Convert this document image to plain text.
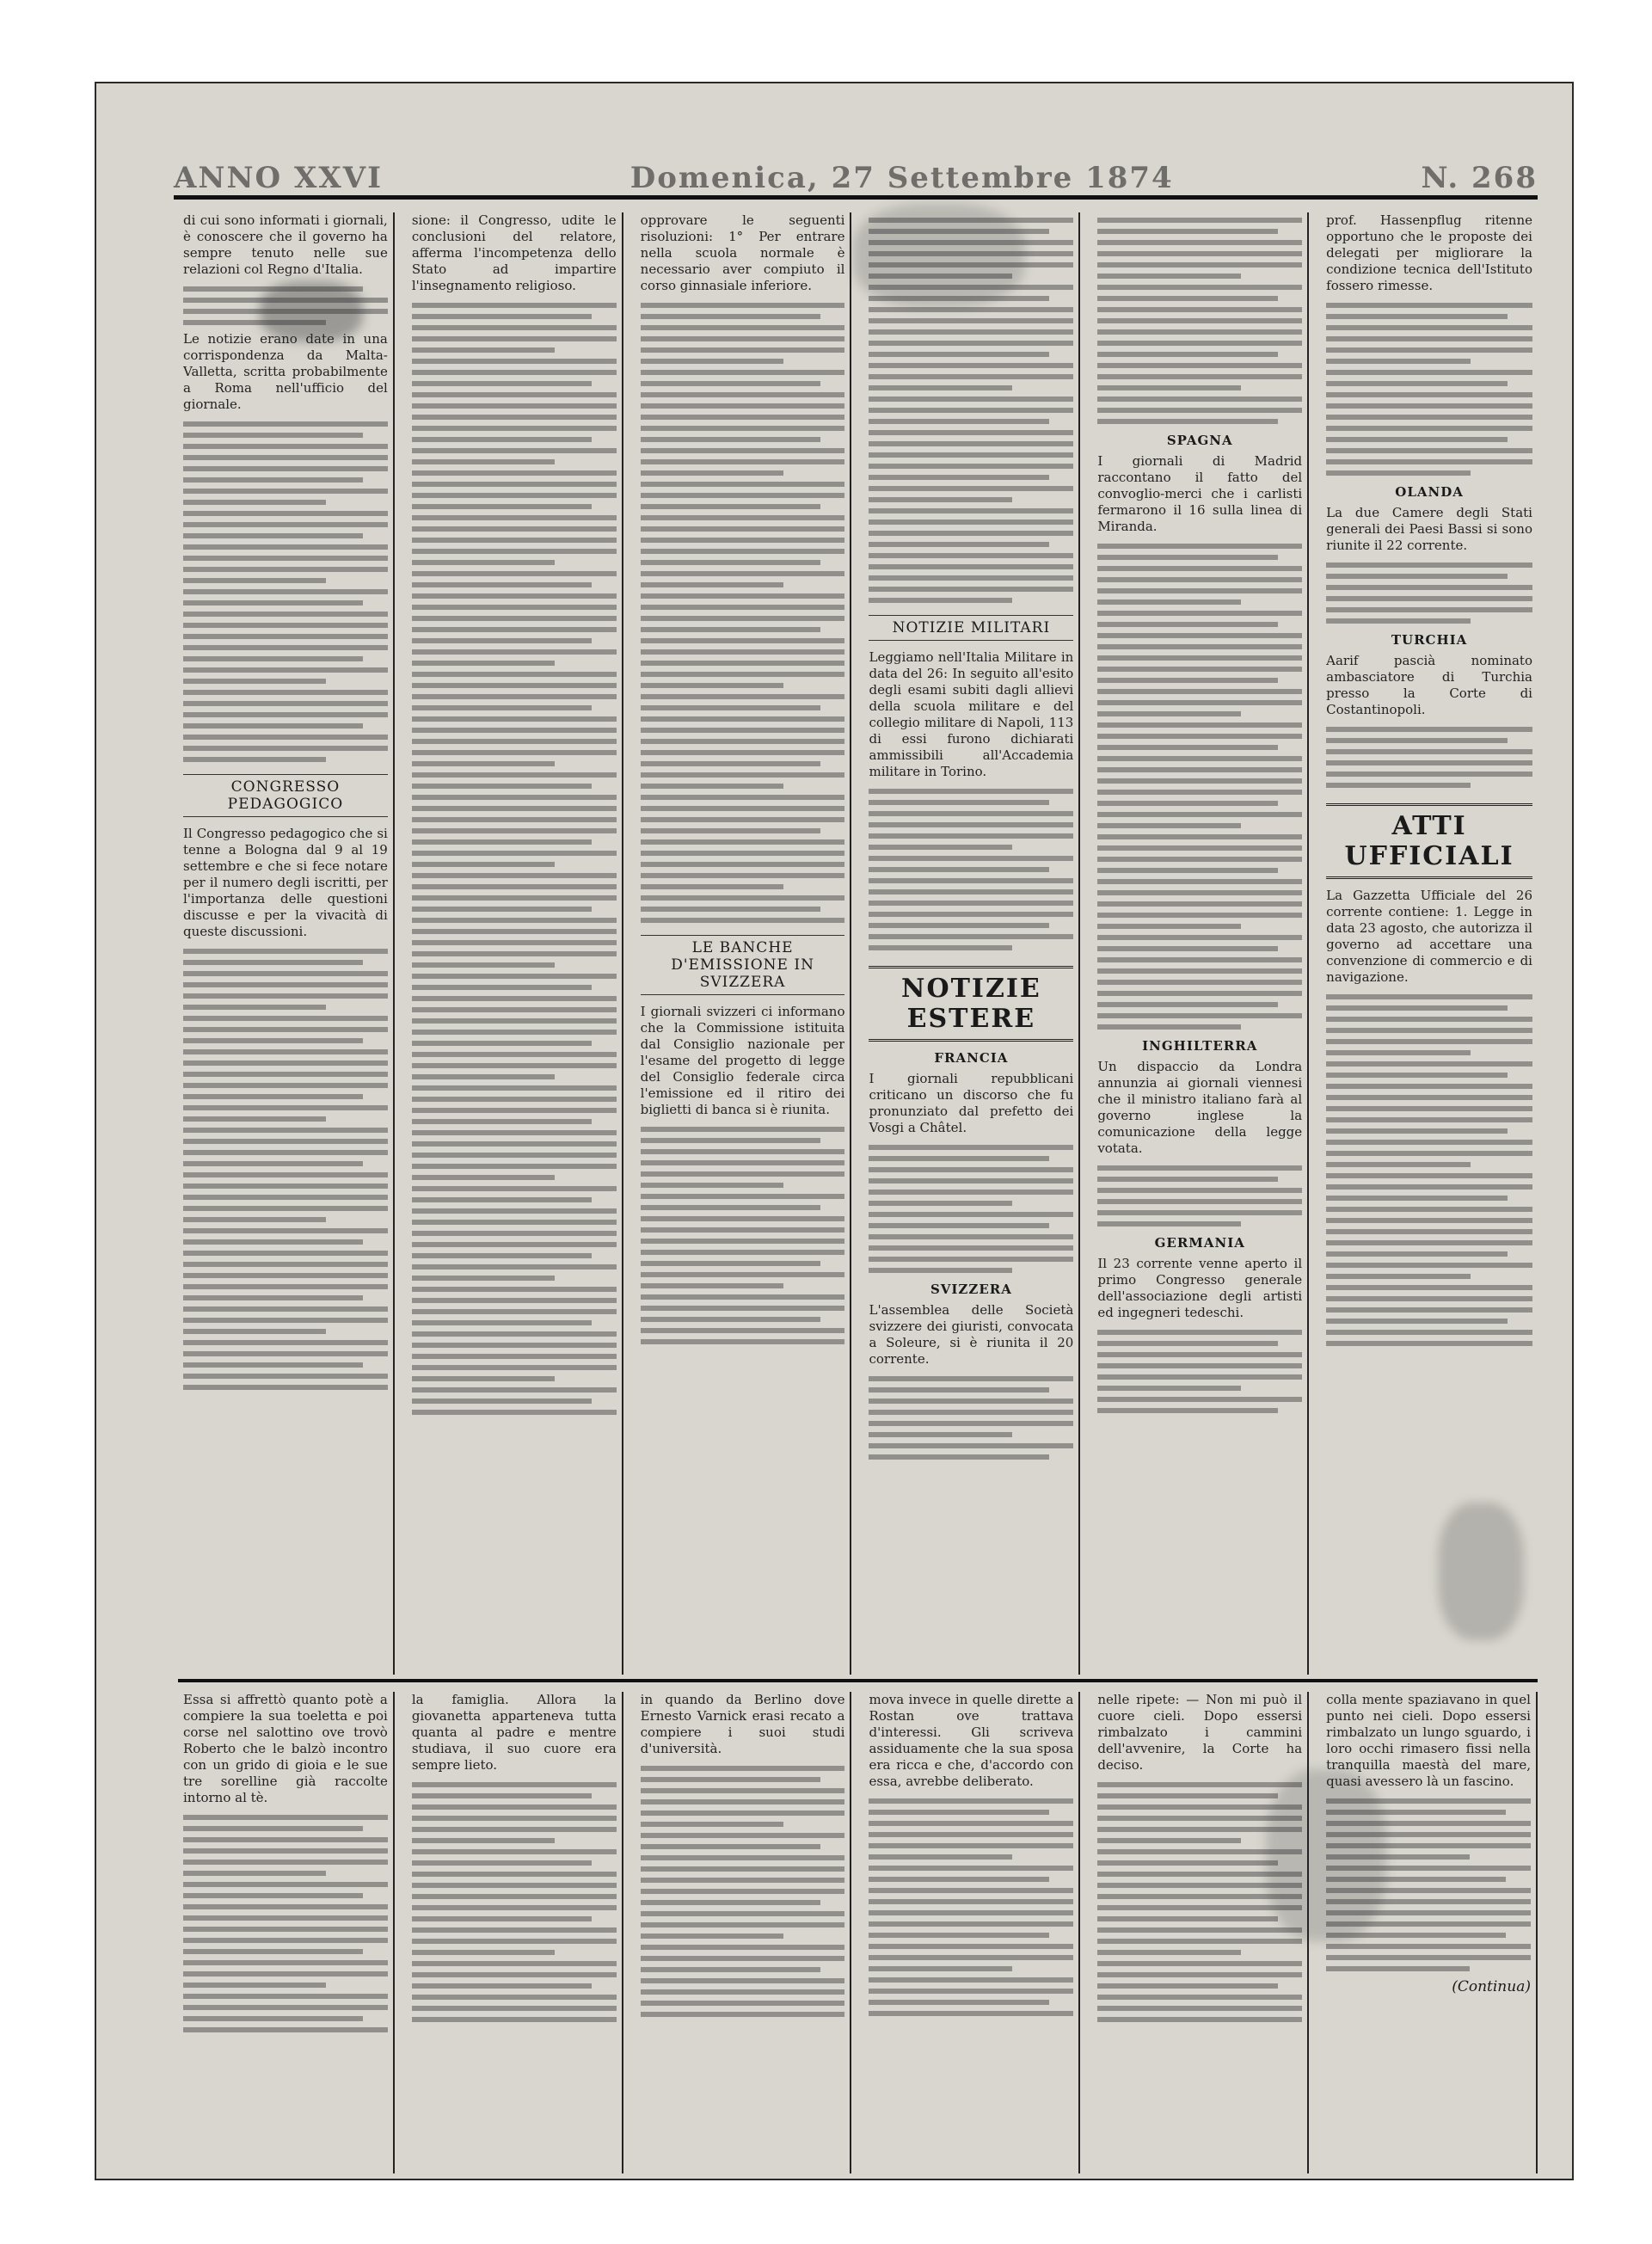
ANNO XXVI	Domenica, 27 Settembre 1874	N. 268
di cui sono informati i giornali, è conoscere che il governo ha sempre tenuto nelle sue relazioni col Regno d'Italia.
Le notizie erano date in una corrispondenza da Malta-Valletta, scritta probabilmente a Roma nell'ufficio del giornale.
CONGRESSO PEDAGOGICO
Il Congresso pedagogico che si tenne a Bologna dal 9 al 19 settembre e che si fece notare per il numero degli iscritti, per l'importanza delle questioni discusse e per la vivacità di queste discussioni.
sione: il Congresso, udite le conclusioni del relatore, afferma l'incompetenza dello Stato ad impartire l'insegnamento religioso.
opprovare le seguenti risoluzioni: 1° Per entrare nella scuola normale è necessario aver compiuto il corso ginnasiale inferiore.
LE BANCHE D'EMISSIONE IN SVIZZERA
I giornali svizzeri ci informano che la Commissione istituita dal Consiglio nazionale per l'esame del progetto di legge del Consiglio federale circa l'emissione ed il ritiro dei biglietti di banca si è riunita.
NOTIZIE MILITARI
Leggiamo nell'Italia Militare in data del 26: In seguito all'esito degli esami subiti dagli allievi della scuola militare e del collegio militare di Napoli, 113 di essi furono dichiarati ammissibili all'Accademia militare in Torino.
NOTIZIE ESTERE
FRANCIA
I giornali repubblicani criticano un discorso che fu pronunziato dal prefetto dei Vosgi a Châtel.
SVIZZERA
L'assemblea delle Società svizzere dei giuristi, convocata a Soleure, si è riunita il 20 corrente.
SPAGNA
I giornali di Madrid raccontano il fatto del convoglio-merci che i carlisti fermarono il 16 sulla linea di Miranda.
INGHILTERRA
Un dispaccio da Londra annunzia ai giornali viennesi che il ministro italiano farà al governo inglese la comunicazione della legge votata.
GERMANIA
Il 23 corrente venne aperto il primo Congresso generale dell'associazione degli artisti ed ingegneri tedeschi.
prof. Hassenpflug ritenne opportuno che le proposte dei delegati per migliorare la condizione tecnica dell'Istituto fossero rimesse.
OLANDA
La due Camere degli Stati generali dei Paesi Bassi si sono riunite il 22 corrente.
TURCHIA
Aarif pascià nominato ambasciatore di Turchia presso la Corte di Costantinopoli.
ATTI UFFICIALI
La Gazzetta Ufficiale del 26 corrente contiene: 1. Legge in data 23 agosto, che autorizza il governo ad accettare una convenzione di commercio e di navigazione.
Essa si affrettò quanto potè a compiere la sua toeletta e poi corse nel salottino ove trovò Roberto che le balzò incontro con un grido di gioia e le sue tre sorelline già raccolte intorno al tè.
la famiglia. Allora la giovanetta apparteneva tutta quanta al padre e mentre studiava, il suo cuore era sempre lieto.
in quando da Berlino dove Ernesto Varnick erasi recato a compiere i suoi studi d'università.
mova invece in quelle dirette a Rostan ove trattava d'interessi. Gli scriveva assiduamente che la sua sposa era ricca e che, d'accordo con essa, avrebbe deliberato.
nelle ripete: — Non mi può il cuore cieli. Dopo essersi rimbalzato i cammini dell'avvenire, la Corte ha deciso.
colla mente spaziavano in quel punto nei cieli. Dopo essersi rimbalzato un lungo sguardo, i loro occhi rimasero fissi nella tranquilla maestà del mare, quasi avessero là un fascino.
(Continua)
